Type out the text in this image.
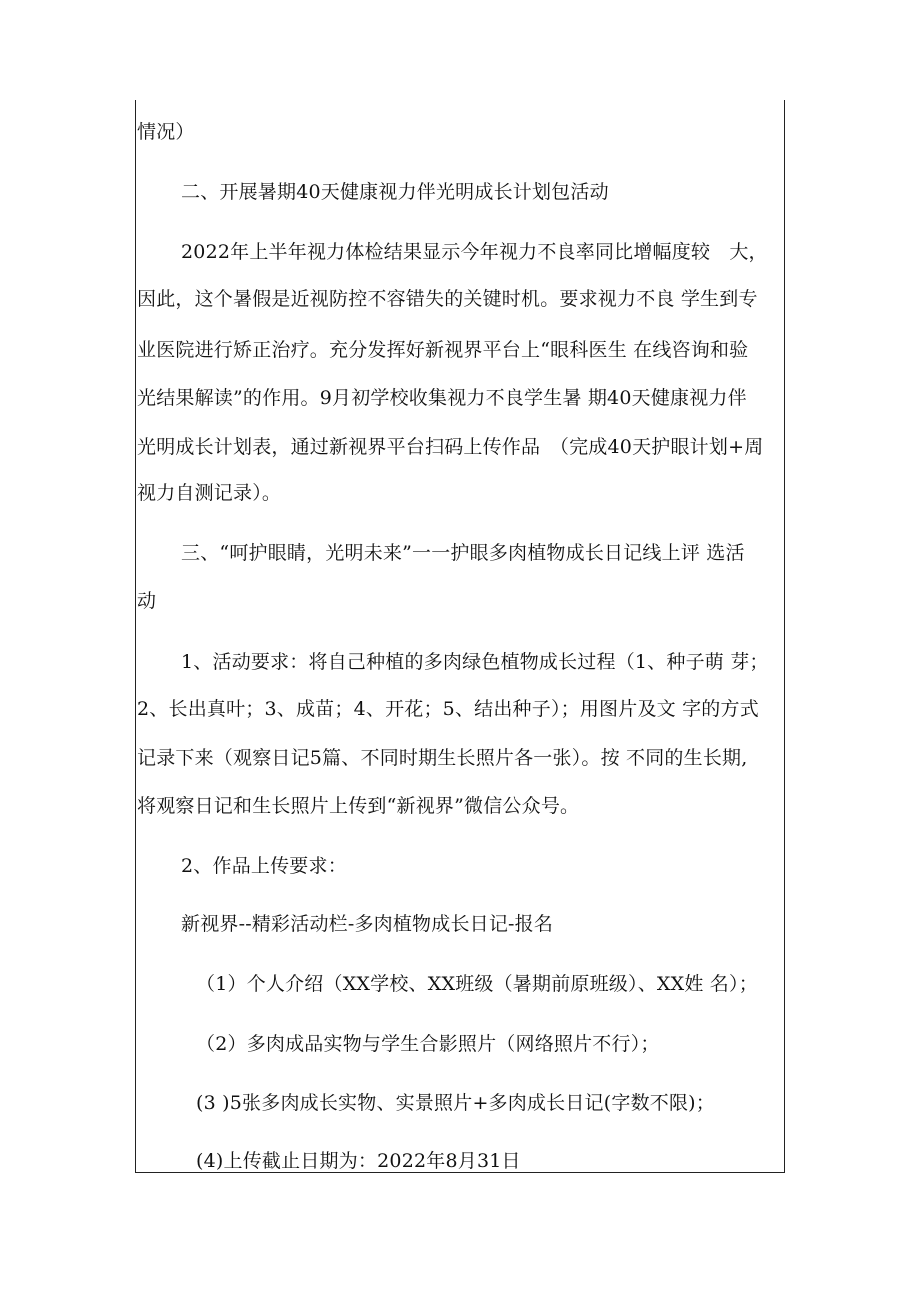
情况）
二、开展暑期40天健康视力伴光明成长计划包活动
2022年上半年视力体检结果显示今年视力不良率同比增幅度较　大，
因此，这个暑假是近视防控不容错失的关键时机。要求视力不良 学生到专
业医院进行矫正治疗。充分发挥好新视界平台上“眼科医生 在线咨询和验
光结果解读”的作用。9月初学校收集视力不良学生暑 期40天健康视力伴
光明成长计划表，通过新视界平台扫码上传作品　（完成40天护眼计划+周
视力自测记录）。
三、“呵护眼睛，光明未来”一一护眼多肉植物成长日记线上评 选活
动
1、活动要求：将自己种植的多肉绿色植物成长过程（1、种子萌 芽；
2、长出真叶；3、成苗；4、开花；5、结出种子）；用图片及文 字的方式
记录下来（观察日记5篇、不同时期生长照片各一张）。按 不同的生长期,
将观察日记和生长照片上传到“新视界”微信公众号。
2、作品上传要求：
新视界--精彩活动栏-多肉植物成长日记-报名
（1）个人介绍（XX学校、XX班级（暑期前原班级）、XX姓 名）；
（2）多肉成品实物与学生合影照片（网络照片不行）；
(3 )5张多肉成长实物、实景照片+多肉成长日记(字数不限)；
(4)上传截止日期为：2022年8月31日
